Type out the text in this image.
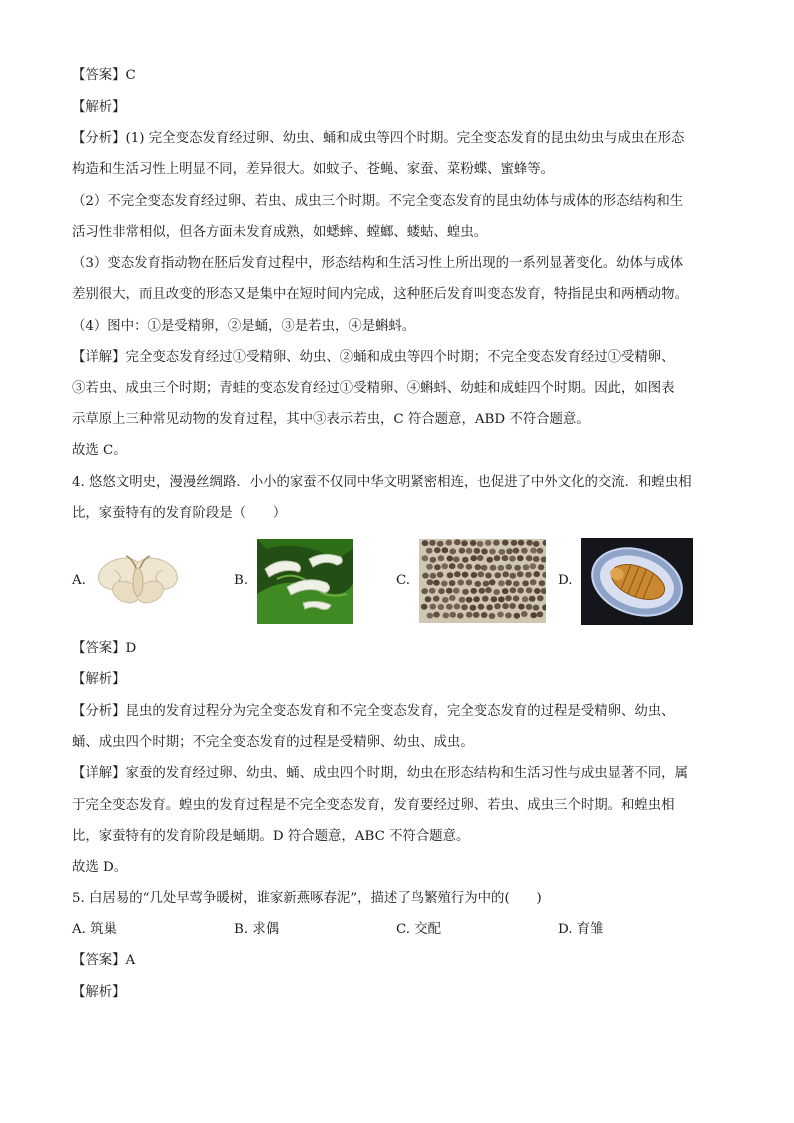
【答案】C
【解析】
【分析】(1) 完全变态发育经过卵、幼虫、蛹和成虫等四个时期。完全变态发育的昆虫幼虫与成虫在形态
构造和生活习性上明显不同，差异很大。如蚊子、苍蝇、家蚕、菜粉蝶、蜜蜂等。
（2）不完全变态发育经过卵、若虫、成虫三个时期。不完全变态发育的昆虫幼体与成体的形态结构和生
活习性非常相似，但各方面未发育成熟，如蟋蟀、螳螂、蝼蛄、蝗虫。
（3）变态发育指动物在胚后发育过程中，形态结构和生活习性上所出现的一系列显著变化。幼体与成体
差别很大，而且改变的形态又是集中在短时间内完成，这种胚后发育叫变态发育，特指昆虫和两栖动物。
（4）图中：①是受精卵，②是蛹，③是若虫，④是蝌蚪。
【详解】完全变态发育经过①受精卵、幼虫、②蛹和成虫等四个时期；不完全变态发育经过①受精卵、
③若虫、成虫三个时期；青蛙的变态发育经过①受精卵、④蝌蚪、幼蛙和成蛙四个时期。因此，如图表
示草原上三种常见动物的发育过程，其中③表示若虫，C 符合题意，ABD 不符合题意。
故选 C。
4. 悠悠文明史，漫漫丝绸路．小小的家蚕不仅同中华文明紧密相连，也促进了中外文化的交流．和蝗虫相
比，家蚕特有的发育阶段是（　　）
A.	B.	C.	D.
【答案】D
【解析】
【分析】昆虫的发育过程分为完全变态发育和不完全变态发育，完全变态发育的过程是受精卵、幼虫、
蛹、成虫四个时期；不完全变态发育的过程是受精卵、幼虫、成虫。
【详解】家蚕的发育经过卵、幼虫、蛹、成虫四个时期，幼虫在形态结构和生活习性与成虫显著不同，属
于完全变态发育。蝗虫的发育过程是不完全变态发育，发育要经过卵、若虫、成虫三个时期。和蝗虫相
比，家蚕特有的发育阶段是蛹期。D 符合题意，ABC 不符合题意。
故选 D。
5. 白居易的“几处早莺争暖树，谁家新燕啄春泥”，描述了鸟繁殖行为中的(　　)
A. 筑巢	B. 求偶	C. 交配	D. 育雏
【答案】A
【解析】
